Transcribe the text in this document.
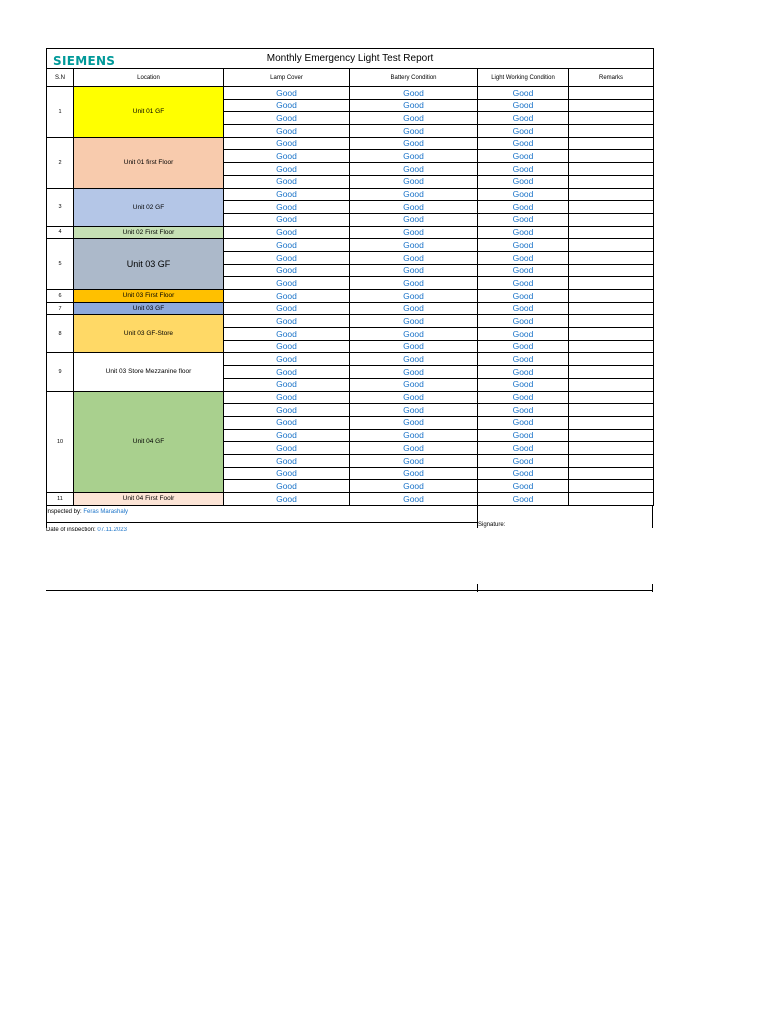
SIEMENS Monthly Emergency Light Test Report					

S.N	Location	Lamp Cover	Battery Condition	Light Working Condition	Remarks
1	Unit 01 GF	Good	Good	Good	
		Good	Good	Good	
		Good	Good	Good	
		Good	Good	Good	
2	Unit 01 first Floor	Good	Good	Good	
		Good	Good	Good	
		Good	Good	Good	
		Good	Good	Good	
3	Unit 02 GF	Good	Good	Good	
		Good	Good	Good	
		Good	Good	Good	
4	Unit 02 First Floor	Good	Good	Good	
5	Unit 03 GF	Good	Good	Good	
		Good	Good	Good	
		Good	Good	Good	
		Good	Good	Good	
6	Unit 03 First Floor	Good	Good	Good	
7	Unit 03 GF	Good	Good	Good	
8	Unit 03 GF-Store	Good	Good	Good	
		Good	Good	Good	
		Good	Good	Good	
9	Unit 03 Store Mezzanine floor	Good	Good	Good	
		Good	Good	Good	
		Good	Good	Good	
10	Unit 04 GF	Good	Good	Good	
		Good	Good	Good	
		Good	Good	Good	
		Good	Good	Good	
		Good	Good	Good	
		Good	Good	Good	
		Good	Good	Good	
		Good	Good	Good	
11	Unit 04 First Foolr	Good	Good	Good	
Inspected by: Feras Marashaly
Signature:
Date of inspection: 07.11.2023
